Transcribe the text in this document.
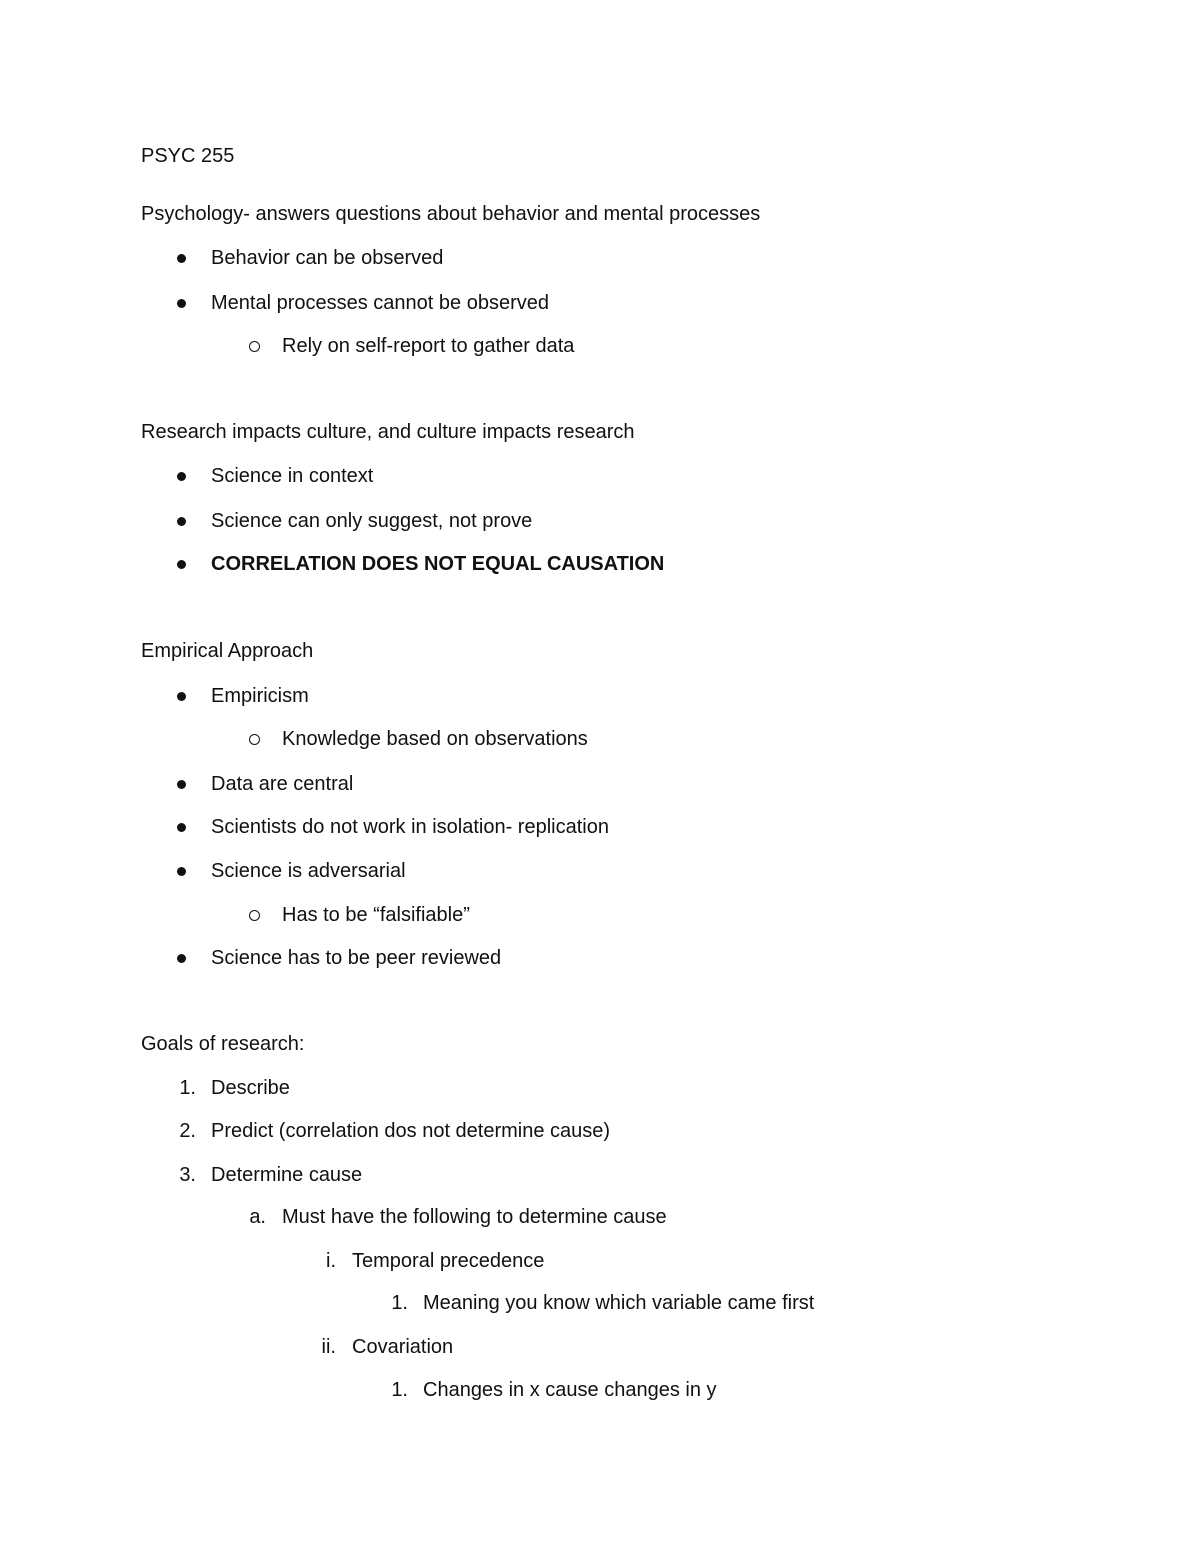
PSYC 255
Psychology- answers questions about behavior and mental processes
Behavior can be observed
Mental processes cannot be observed
Rely on self-report to gather data
Research impacts culture, and culture impacts research
Science in context
Science can only suggest, not prove
CORRELATION DOES NOT EQUAL CAUSATION
Empirical Approach
Empiricism
Knowledge based on observations
Data are central
Scientists do not work in isolation- replication
Science is adversarial
Has to be “falsifiable”
Science has to be peer reviewed
Goals of research:
1. Describe
2. Predict (correlation dos not determine cause)
3. Determine cause
a. Must have the following to determine cause
i. Temporal precedence
1. Meaning you know which variable came first
ii. Covariation
1. Changes in x cause changes in y
